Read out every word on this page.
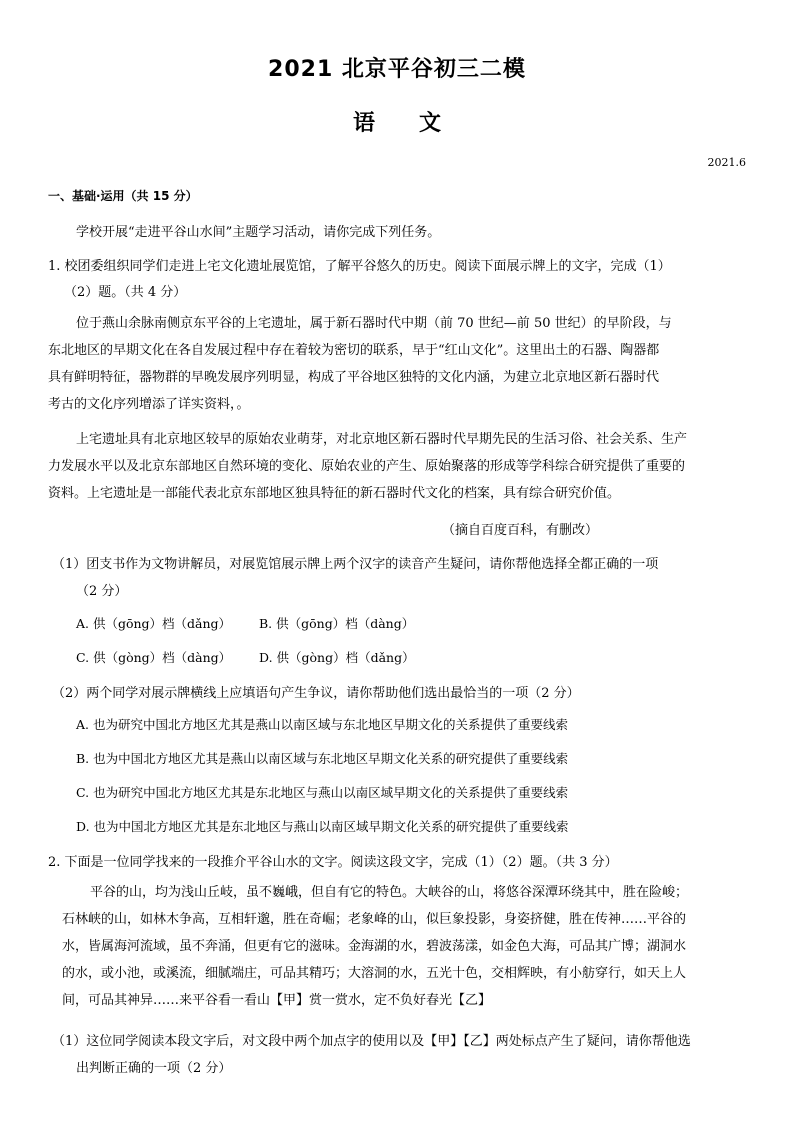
2021 北京平谷初三二模
语　　文
2021.6
一、基础·运用（共 15 分）
学校开展“走进平谷山水间”主题学习活动，请你完成下列任务。
1. 校团委组织同学们走进上宅文化遗址展览馆，了解平谷悠久的历史。阅读下面展示牌上的文字，完成（1）
（2）题。（共 4 分）
位于燕山余脉南侧京东平谷的上宅遗址，属于新石器时代中期（前 70 世纪—前 50 世纪）的早阶段，与
东北地区的早期文化在各自发展过程中存在着较为密切的联系，早于“红山文化”。这里出土的石器、陶器都
具有鲜明特征，器物群的早晚发展序列明显，构成了平谷地区独特的文化内涵，为建立北京地区新石器时代
考古的文化序列增添了详实资料，。
上宅遗址具有北京地区较早的原始农业萌芽，对北京地区新石器时代早期先民的生活习俗、社会关系、生产
力发展水平以及北京东部地区自然环境的变化、原始农业的产生、原始聚落的形成等学科综合研究提供了重要的
资料。上宅遗址是一部能代表北京东部地区独具特征的新石器时代文化的档案，具有综合研究价值。
（摘自百度百科，有删改）
（1）团支书作为文物讲解员，对展览馆展示牌上两个汉字的读音产生疑问，请你帮他选择全都正确的一项
（2 分）
A. 供（gōng）档（dǎng） B. 供（gōng）档（dàng）
C. 供（gòng）档（dàng） D. 供（gòng）档（dǎng）
（2）两个同学对展示牌横线上应填语句产生争议，请你帮助他们选出最恰当的一项（2 分）
A. 也为研究中国北方地区尤其是燕山以南区域与东北地区早期文化的关系提供了重要线索
B. 也为中国北方地区尤其是燕山以南区域与东北地区早期文化关系的研究提供了重要线索
C. 也为研究中国北方地区尤其是东北地区与燕山以南区域早期文化的关系提供了重要线索
D. 也为中国北方地区尤其是东北地区与燕山以南区域早期文化关系的研究提供了重要线索
2. 下面是一位同学找来的一段推介平谷山水的文字。阅读这段文字，完成（1）（2）题。（共 3 分）
平谷的山，均为浅山丘岐，虽不巍峨，但自有它的特色。大峡谷的山，将悠谷深潭环绕其中，胜在险峻；
石林峡的山，如林木争高，互相轩邈，胜在奇崛；老象峰的山，似巨象投影，身姿挤健，胜在传神……平谷的
水，皆属海河流域，虽不奔涌，但更有它的滋味。金海湖的水，碧波荡漾，如金色大海，可品其广博；湖洞水
的水，或小池，或溪流，细腻端庄，可品其精巧；大溶洞的水，五光十色，交相辉映，有小舫穿行，如天上人
间，可品其神异……来平谷看一看山【甲】赏一赏水，定不负好春光【乙】
（1）这位同学阅读本段文字后，对文段中两个加点字的使用以及【甲】【乙】两处标点产生了疑问，请你帮他选
出判断正确的一项（2 分）
